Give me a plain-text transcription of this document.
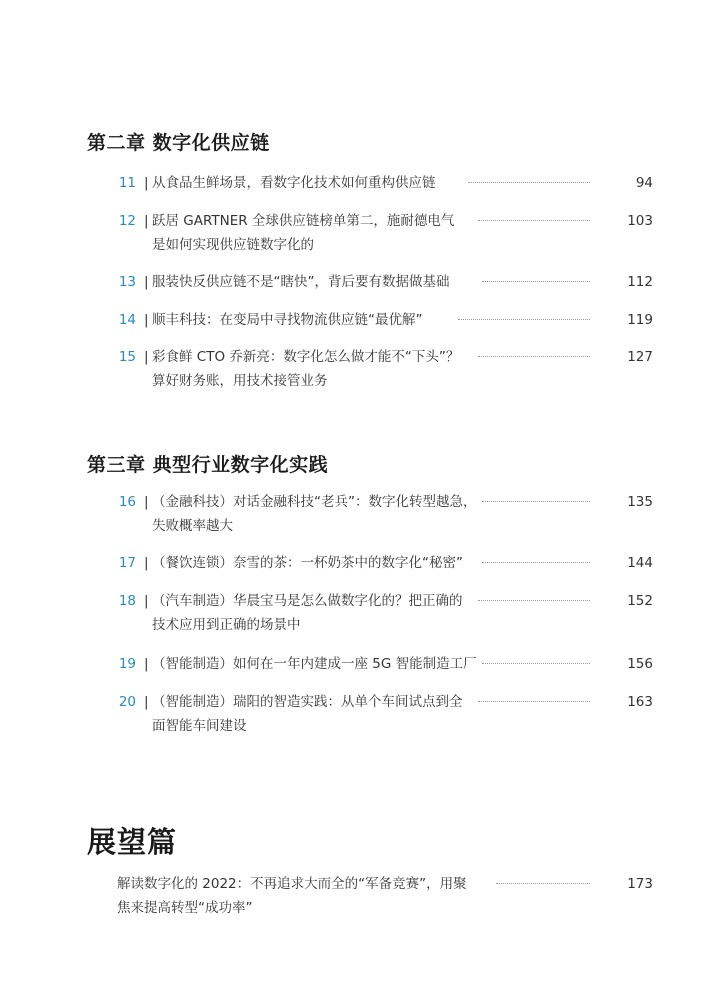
第二章 数字化供应链
11 | 从食品生鲜场景，看数字化技术如何重构供应链	94
12 | 跃居 GARTNER 全球供应链榜单第二，施耐德电气
是如何实现供应链数字化的
103
13 | 服装快反供应链不是“瞎快”，背后要有数据做基础	112
14 | 顺丰科技：在变局中寻找物流供应链“最优解”	119
15 | 彩食鲜 CTO 乔新亮：数字化怎么做才能不“下头”？
算好财务账，用技术接管业务
127
第三章 典型行业数字化实践
16 | （金融科技）对话金融科技“老兵”：数字化转型越急，
失败概率越大
135
17 | （餐饮连锁）奈雪的茶：一杯奶茶中的数字化“秘密”	144
18 | （汽车制造）华晨宝马是怎么做数字化的？把正确的
技术应用到正确的场景中
152
19 | （智能制造）如何在一年内建成一座 5G 智能制造工厂	156
20 | （智能制造）瑞阳的智造实践：从单个车间试点到全
面智能车间建设
163
展望篇
解读数字化的 2022：不再追求大而全的“军备竞赛”，用聚
焦来提高转型“成功率”
173
